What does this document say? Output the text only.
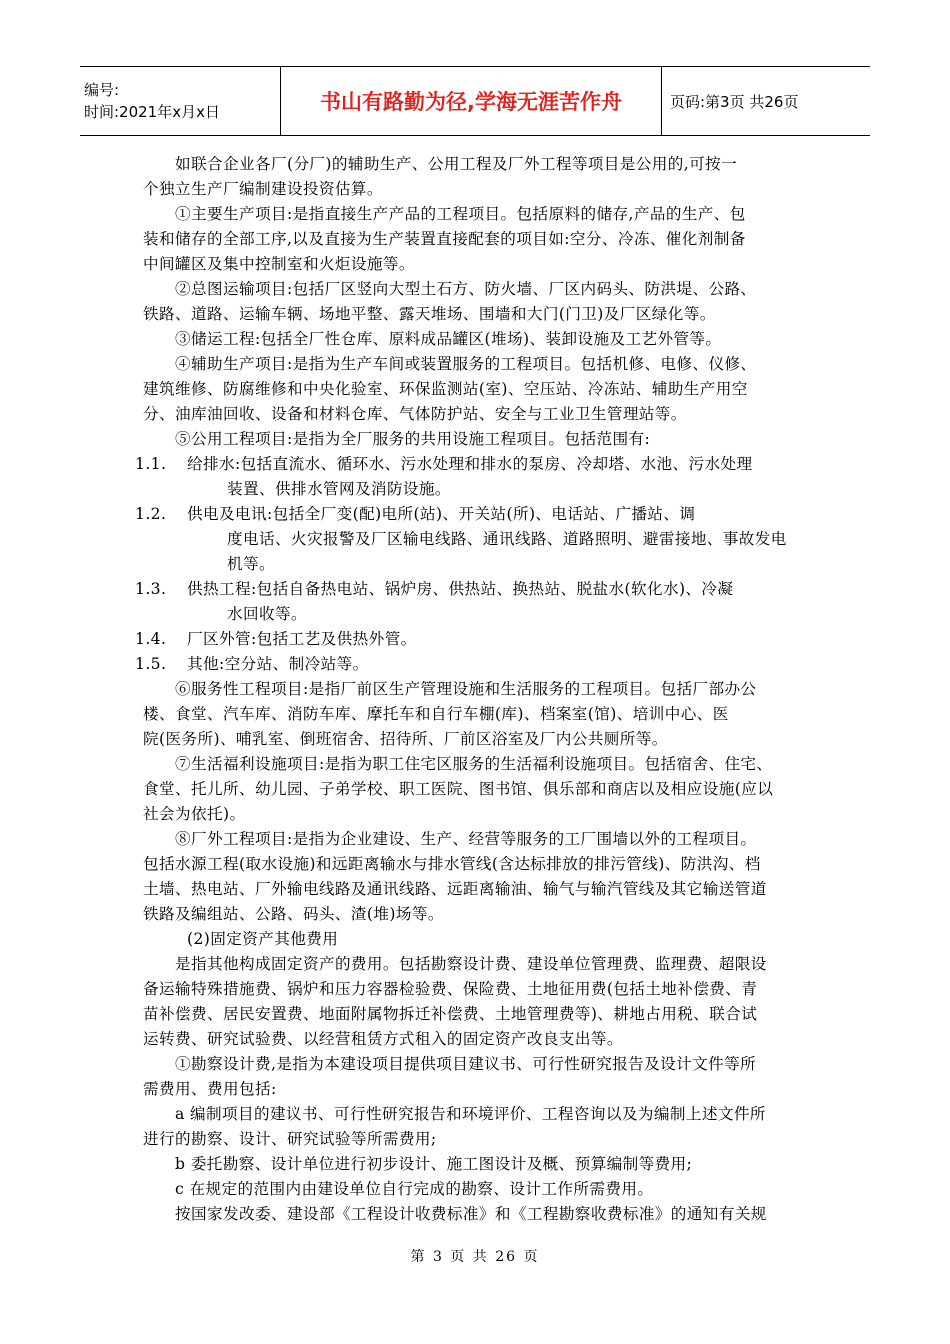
编号:
时间:2021年x月x日	书山有路勤为径,学海无涯苦作舟	页码:第3页 共26页
如联合企业各厂(分厂)的辅助生产、公用工程及厂外工程等项目是公用的,可按一
个独立生产厂编制建设投资估算。
①主要生产项目:是指直接生产产品的工程项目。包括原料的储存,产品的生产、包
装和储存的全部工序,以及直接为生产装置直接配套的项目如:空分、冷冻、催化剂制备
中间罐区及集中控制室和火炬设施等。
②总图运输项目:包括厂区竖向大型土石方、防火墙、厂区内码头、防洪堤、公路、
铁路、道路、运输车辆、场地平整、露天堆场、围墙和大门(门卫)及厂区绿化等。
③储运工程:包括全厂性仓库、原料成品罐区(堆场)、装卸设施及工艺外管等。
④辅助生产项目:是指为生产车间或装置服务的工程项目。包括机修、电修、仪修、
建筑维修、防腐维修和中央化验室、环保监测站(室)、空压站、冷冻站、辅助生产用空
分、油库油回收、设备和材料仓库、气体防护站、安全与工业卫生管理站等。
⑤公用工程项目:是指为全厂服务的共用设施工程项目。包括范围有:
1.1.	给排水:包括直流水、循环水、污水处理和排水的泵房、冷却塔、水池、污水处理
装置、供排水管网及消防设施。
1.2.	供电及电讯:包括全厂变(配)电所(站)、开关站(所)、电话站、广播站、调
度电话、火灾报警及厂区输电线路、通讯线路、道路照明、避雷接地、事故发电
机等。
1.3.	供热工程:包括自备热电站、锅炉房、供热站、换热站、脱盐水(软化水)、冷凝
水回收等。
1.4.	厂区外管:包括工艺及供热外管。
1.5.	其他:空分站、制冷站等。
⑥服务性工程项目:是指厂前区生产管理设施和生活服务的工程项目。包括厂部办公
楼、食堂、汽车库、消防车库、摩托车和自行车棚(库)、档案室(馆)、培训中心、医
院(医务所)、哺乳室、倒班宿舍、招待所、厂前区浴室及厂内公共厕所等。
⑦生活福利设施项目:是指为职工住宅区服务的生活福利设施项目。包括宿舍、住宅、
食堂、托儿所、幼儿园、子弟学校、职工医院、图书馆、俱乐部和商店以及相应设施(应以
社会为依托)。
⑧厂外工程项目:是指为企业建设、生产、经营等服务的工厂围墙以外的工程项目。
包括水源工程(取水设施)和远距离输水与排水管线(含达标排放的排污管线)、防洪沟、档
土墙、热电站、厂外输电线路及通讯线路、远距离输油、输气与输汽管线及其它输送管道
铁路及编组站、公路、码头、渣(堆)场等。
(2)固定资产其他费用
是指其他构成固定资产的费用。包括勘察设计费、建设单位管理费、监理费、超限设
备运输特殊措施费、锅炉和压力容器检验费、保险费、土地征用费(包括土地补偿费、青
苗补偿费、居民安置费、地面附属物拆迁补偿费、土地管理费等)、耕地占用税、联合试
运转费、研究试验费、以经营租赁方式租入的固定资产改良支出等。
①勘察设计费,是指为本建设项目提供项目建议书、可行性研究报告及设计文件等所
需费用、费用包括:
a 编制项目的建议书、可行性研究报告和环境评价、工程咨询以及为编制上述文件所
进行的勘察、设计、研究试验等所需费用;
b 委托勘察、设计单位进行初步设计、施工图设计及概、预算编制等费用;
c 在规定的范围内由建设单位自行完成的勘察、设计工作所需费用。
按国家发改委、建设部《工程设计收费标准》和《工程勘察收费标准》的通知有关规
第 3 页 共 26 页
